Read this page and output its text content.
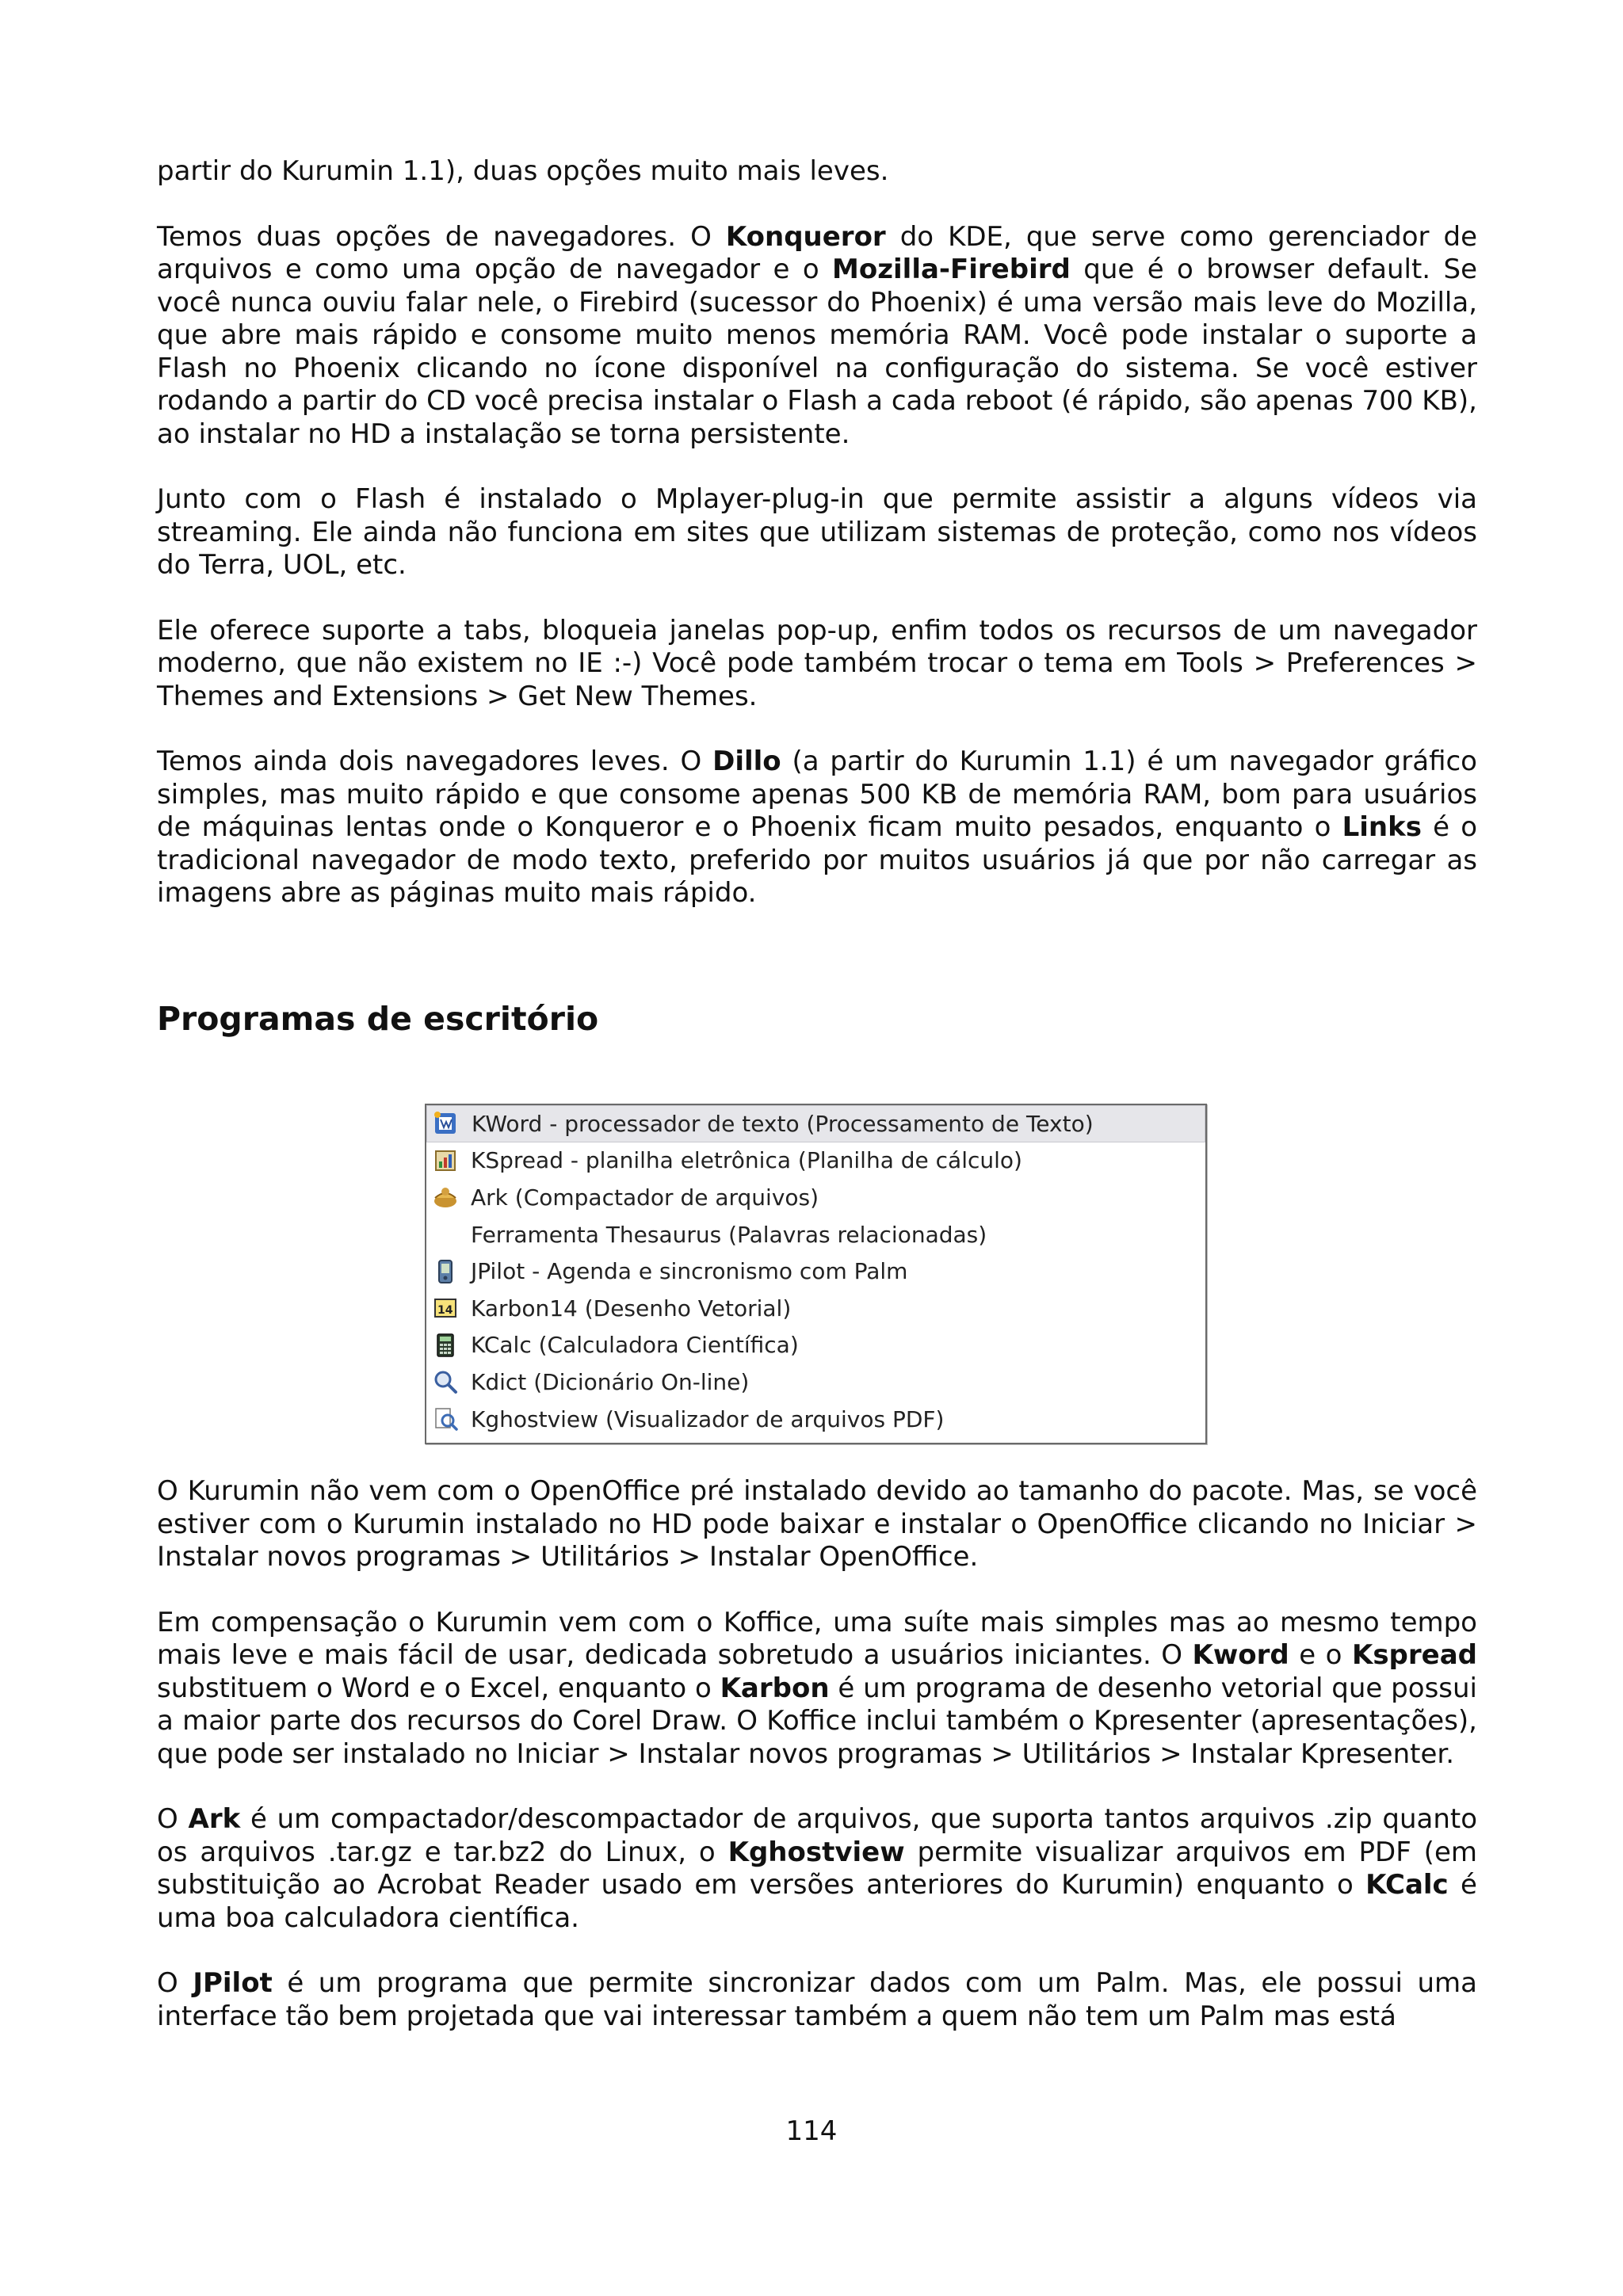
partir do Kurumin 1.1), duas opções muito mais leves.

Temos duas opções de navegadores. O Konqueror do KDE, que serve como gerenciador de arquivos e como uma opção de navegador e o Mozilla-Firebird que é o browser default. Se você nunca ouviu falar nele, o Firebird (sucessor do Phoenix) é uma versão mais leve do Mozilla, que abre mais rápido e consome muito menos memória RAM. Você pode instalar o suporte a Flash no Phoenix clicando no ícone disponível na configuração do sistema. Se você estiver rodando a partir do CD você precisa instalar o Flash a cada reboot (é rápido, são apenas 700 KB), ao instalar no HD a instalação se torna persistente.

Junto com o Flash é instalado o Mplayer-plug-in que permite assistir a alguns vídeos via streaming. Ele ainda não funciona em sites que utilizam sistemas de proteção, como nos vídeos do Terra, UOL, etc.

Ele oferece suporte a tabs, bloqueia janelas pop-up, enfim todos os recursos de um navegador moderno, que não existem no IE :-) Você pode também trocar o tema em Tools > Preferences > Themes and Extensions > Get New Themes.

Temos ainda dois navegadores leves. O Dillo (a partir do Kurumin 1.1) é um navegador gráfico simples, mas muito rápido e que consome apenas 500 KB de memória RAM, bom para usuários de máquinas lentas onde o Konqueror e o Phoenix ficam muito pesados, enquanto o Links é o tradicional navegador de modo texto, preferido por muitos usuários já que por não carregar as imagens abre as páginas muito mais rápido.

Programas de escritório
KWord - processador de texto (Processamento de Texto)
KSpread - planilha eletrônica (Planilha de cálculo)
Ark (Compactador de arquivos)
Ferramenta Thesaurus (Palavras relacionadas)
JPilot - Agenda e sincronismo com Palm
14 Karbon14 (Desenho Vetorial)
KCalc (Calculadora Científica)
Kdict (Dicionário On-line)
Kghostview (Visualizador de arquivos PDF)

O Kurumin não vem com o OpenOffice pré instalado devido ao tamanho do pacote. Mas, se você estiver com o Kurumin instalado no HD pode baixar e instalar o OpenOffice clicando no Iniciar > Instalar novos programas > Utilitários > Instalar OpenOffice.

Em compensação o Kurumin vem com o Koffice, uma suíte mais simples mas ao mesmo tempo mais leve e mais fácil de usar, dedicada sobretudo a usuários iniciantes. O Kword e o Kspread substituem o Word e o Excel, enquanto o Karbon é um programa de desenho vetorial que possui a maior parte dos recursos do Corel Draw. O Koffice inclui também o Kpresenter (apresentações), que pode ser instalado no Iniciar > Instalar novos programas > Utilitários > Instalar Kpresenter.

O Ark é um compactador/descompactador de arquivos, que suporta tantos arquivos .zip quanto os arquivos .tar.gz e tar.bz2 do Linux, o Kghostview permite visualizar arquivos em PDF (em substituição ao Acrobat Reader usado em versões anteriores do Kurumin) enquanto o KCalc é uma boa calculadora científica.

O JPilot é um programa que permite sincronizar dados com um Palm. Mas, ele possui uma interface tão bem projetada que vai interessar também a quem não tem um Palm mas está

114
